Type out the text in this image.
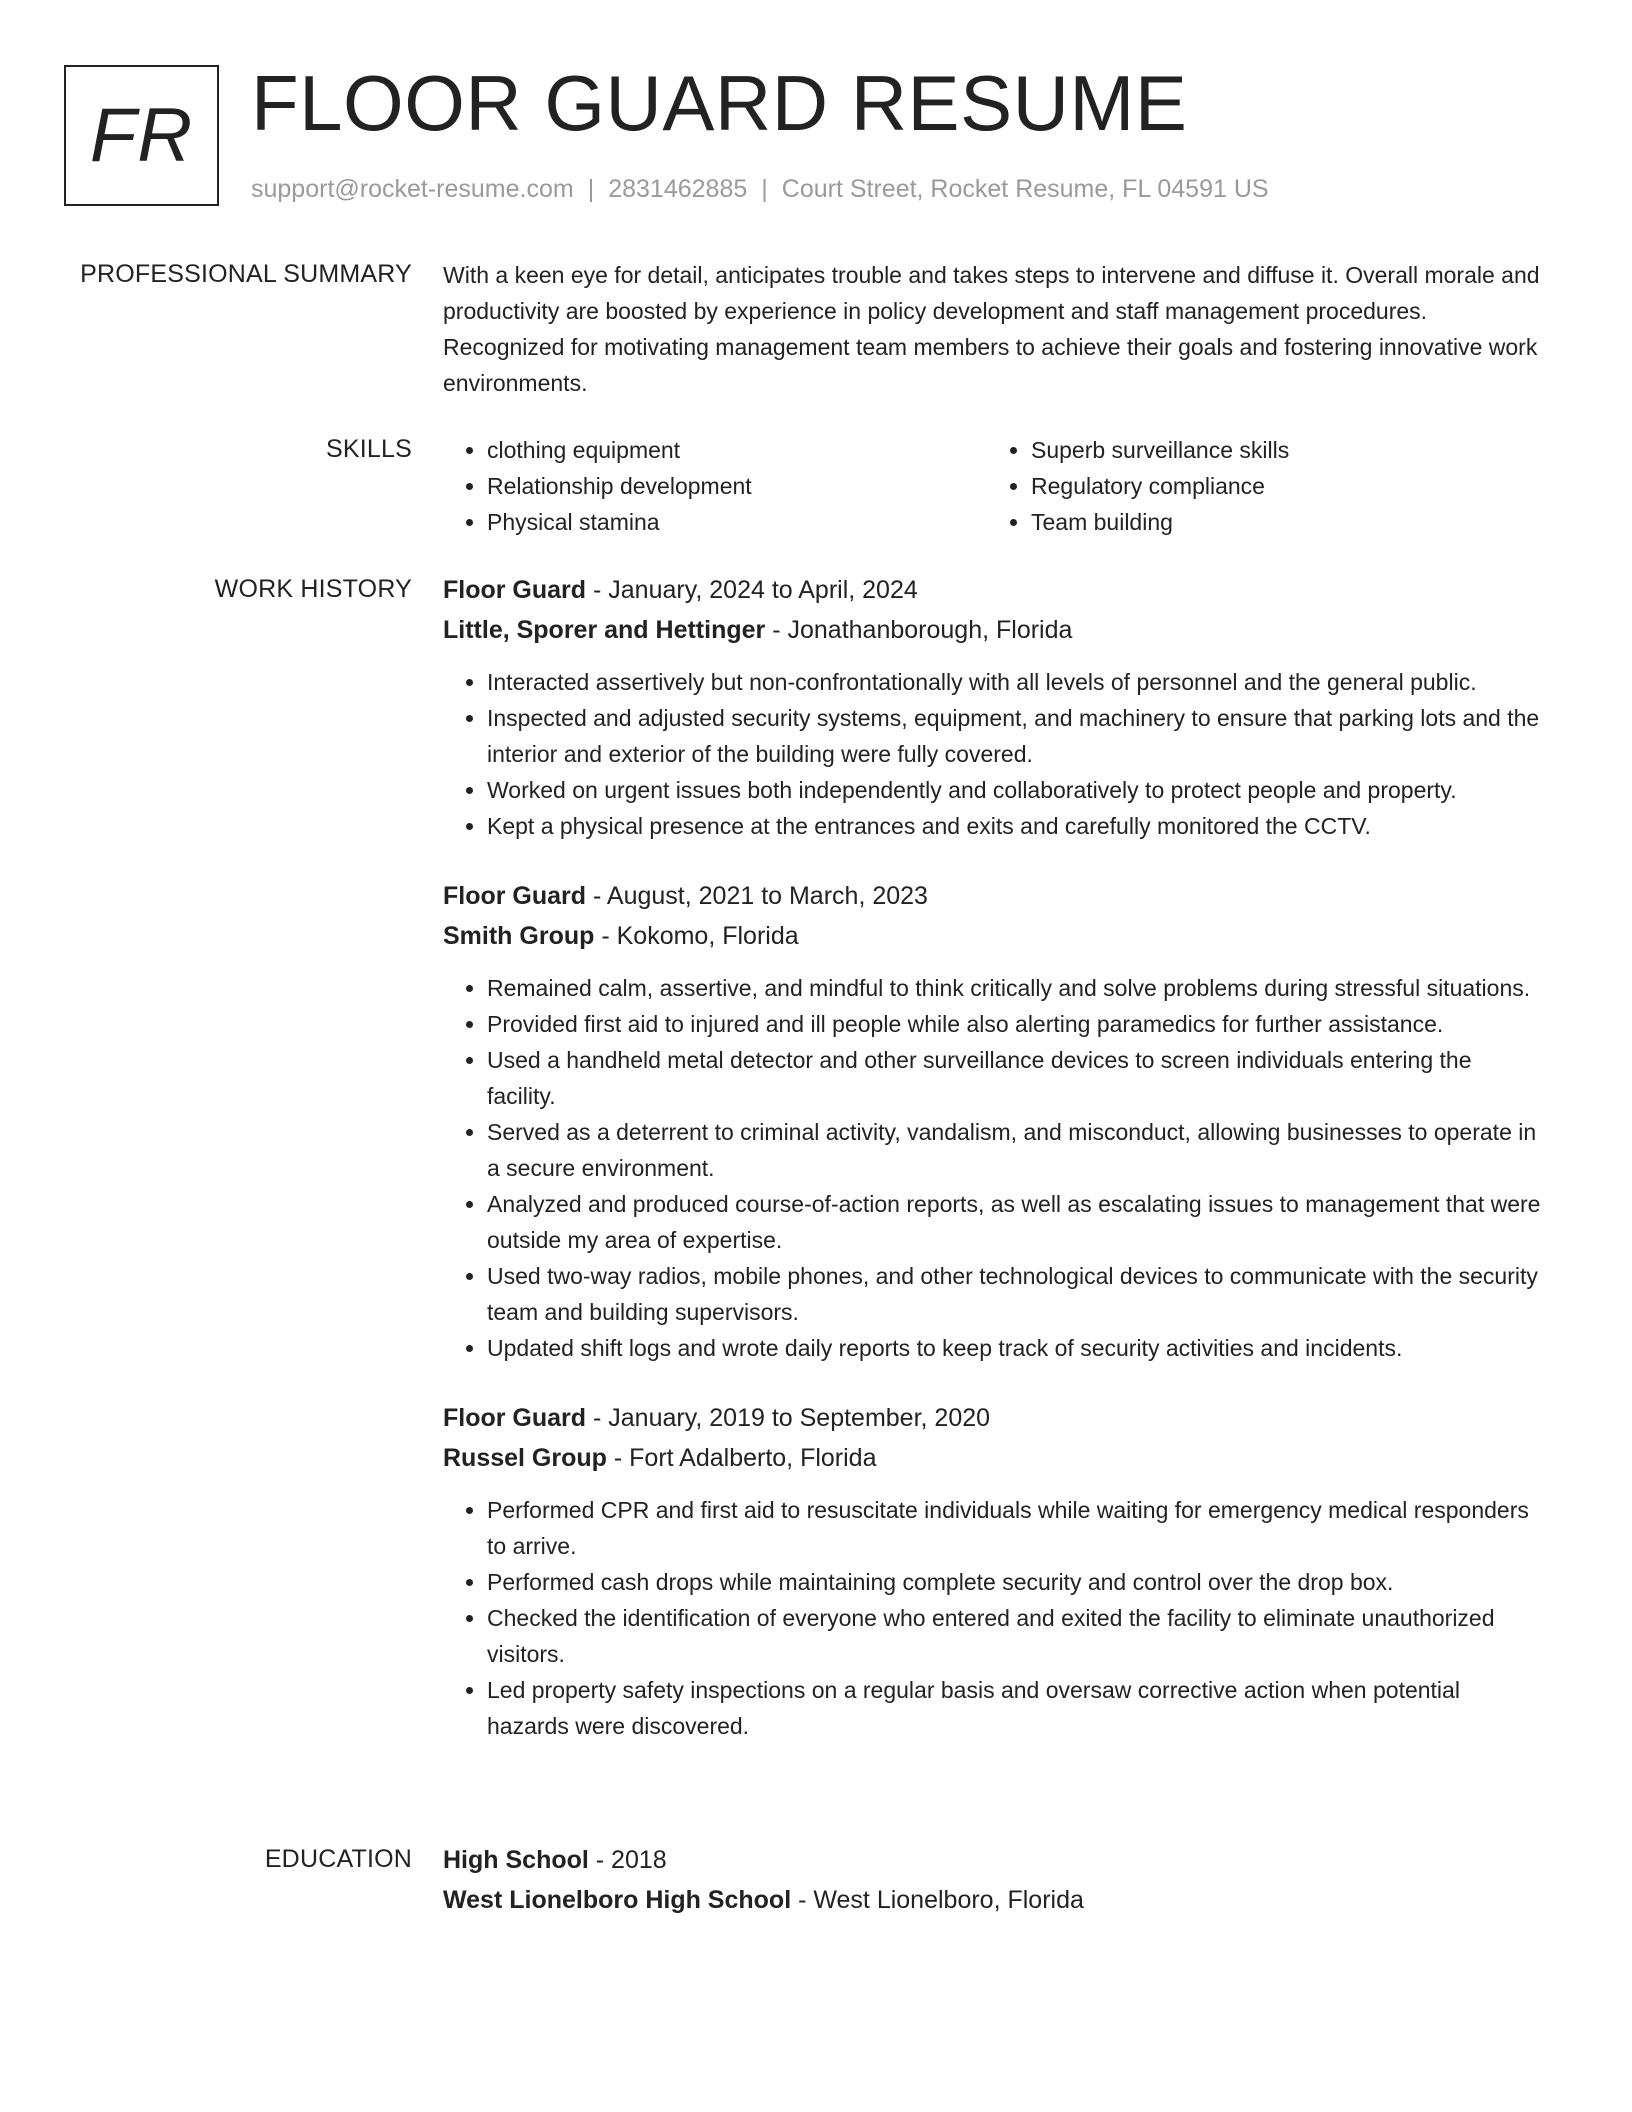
FR FLOOR GUARD RESUME
support@rocket-resume.com | 2831462885 | Court Street, Rocket Resume, FL 04591 US
PROFESSIONAL SUMMARY With a keen eye for detail, anticipates trouble and takes steps to intervene and diffuse it. Overall morale and productivity are boosted by experience in policy development and staff management procedures. Recognized for motivating management team members to achieve their goals and fostering innovative work environments.

SKILLS
•	clothing equipment
• Relationship development
• Physical stamina
• Superb surveillance skills
• Regulatory compliance
• Team building
WORK HISTORY Floor Guard - January, 2024 to April, 2024

Little, Sporer and Hettinger - Jonathanborough, Florida

• Interacted assertively but non-confrontationally with all levels of personnel and the general public.
• Inspected and adjusted security systems, equipment, and machinery to ensure that parking lots and the interior and exterior of the building were fully covered.
• Worked on urgent issues both independently and collaboratively to protect people and property.
• Kept a physical presence at the entrances and exits and carefully monitored the CCTV.

Floor Guard - August, 2021 to March, 2023

Smith Group - Kokomo, Florida

• Remained calm, assertive, and mindful to think critically and solve problems during stressful situations.
• Provided first aid to injured and ill people while also alerting paramedics for further assistance.
• Used a handheld metal detector and other surveillance devices to screen individuals entering the facility.
• Served as a deterrent to criminal activity, vandalism, and misconduct, allowing businesses to operate in a secure environment.
• Analyzed and produced course-of-action reports, as well as escalating issues to management that were outside my area of expertise.
• Used two-way radios, mobile phones, and other technological devices to communicate with the security team and building supervisors.
• Updated shift logs and wrote daily reports to keep track of security activities and incidents.

Floor Guard - January, 2019 to September, 2020

Russel Group - Fort Adalberto, Florida

• Performed CPR and first aid to resuscitate individuals while waiting for emergency medical responders to arrive.
• Performed cash drops while maintaining complete security and control over the drop box.
• Checked the identification of everyone who entered and exited the facility to eliminate unauthorized visitors.
• Led property safety inspections on a regular basis and oversaw corrective action when potential hazards were discovered.
EDUCATION High School - 2018

West Lionelboro High School - West Lionelboro, Florida
